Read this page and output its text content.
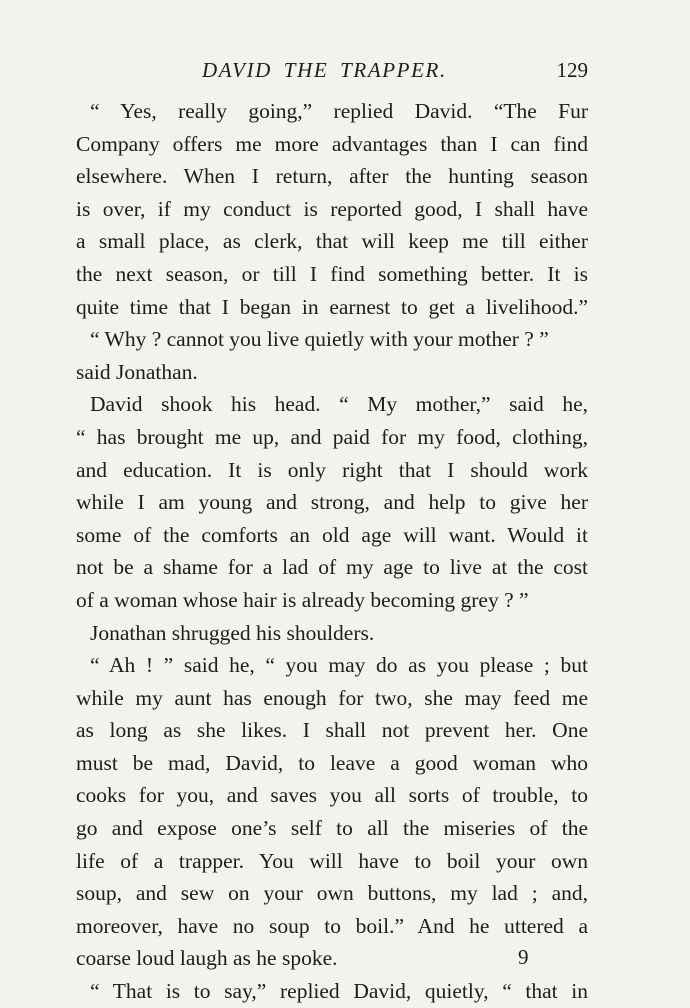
DAVID THE TRAPPER.	129
“ Yes, really going,” replied David. “The Fur
Company offers me more advantages than I can find
elsewhere. When I return, after the hunting season
is over, if my conduct is reported good, I shall have
a small place, as clerk, that will keep me till either
the next season, or till I find something better. It is
quite time that I began in earnest to get a livelihood.”
“ Why ? cannot you live quietly with your mother ? ”
said Jonathan.
David shook his head. “ My mother,” said he,
“ has brought me up, and paid for my food, clothing,
and education. It is only right that I should work
while I am young and strong, and help to give her
some of the comforts an old age will want. Would it
not be a shame for a lad of my age to live at the cost
of a woman whose hair is already becoming grey ? ”
Jonathan shrugged his shoulders.
“ Ah ! ” said he, “ you may do as you please ; but
while my aunt has enough for two, she may feed me
as long as she likes. I shall not prevent her. One
must be mad, David, to leave a good woman who
cooks for you, and saves you all sorts of trouble, to
go and expose one’s self to all the miseries of the
life of a trapper. You will have to boil your own
soup, and sew on your own buttons, my lad ; and,
moreover, have no soup to boil.” And he uttered a
coarse loud laugh as he spoke.
“ That is to say,” replied David, quietly, “ that in
9
